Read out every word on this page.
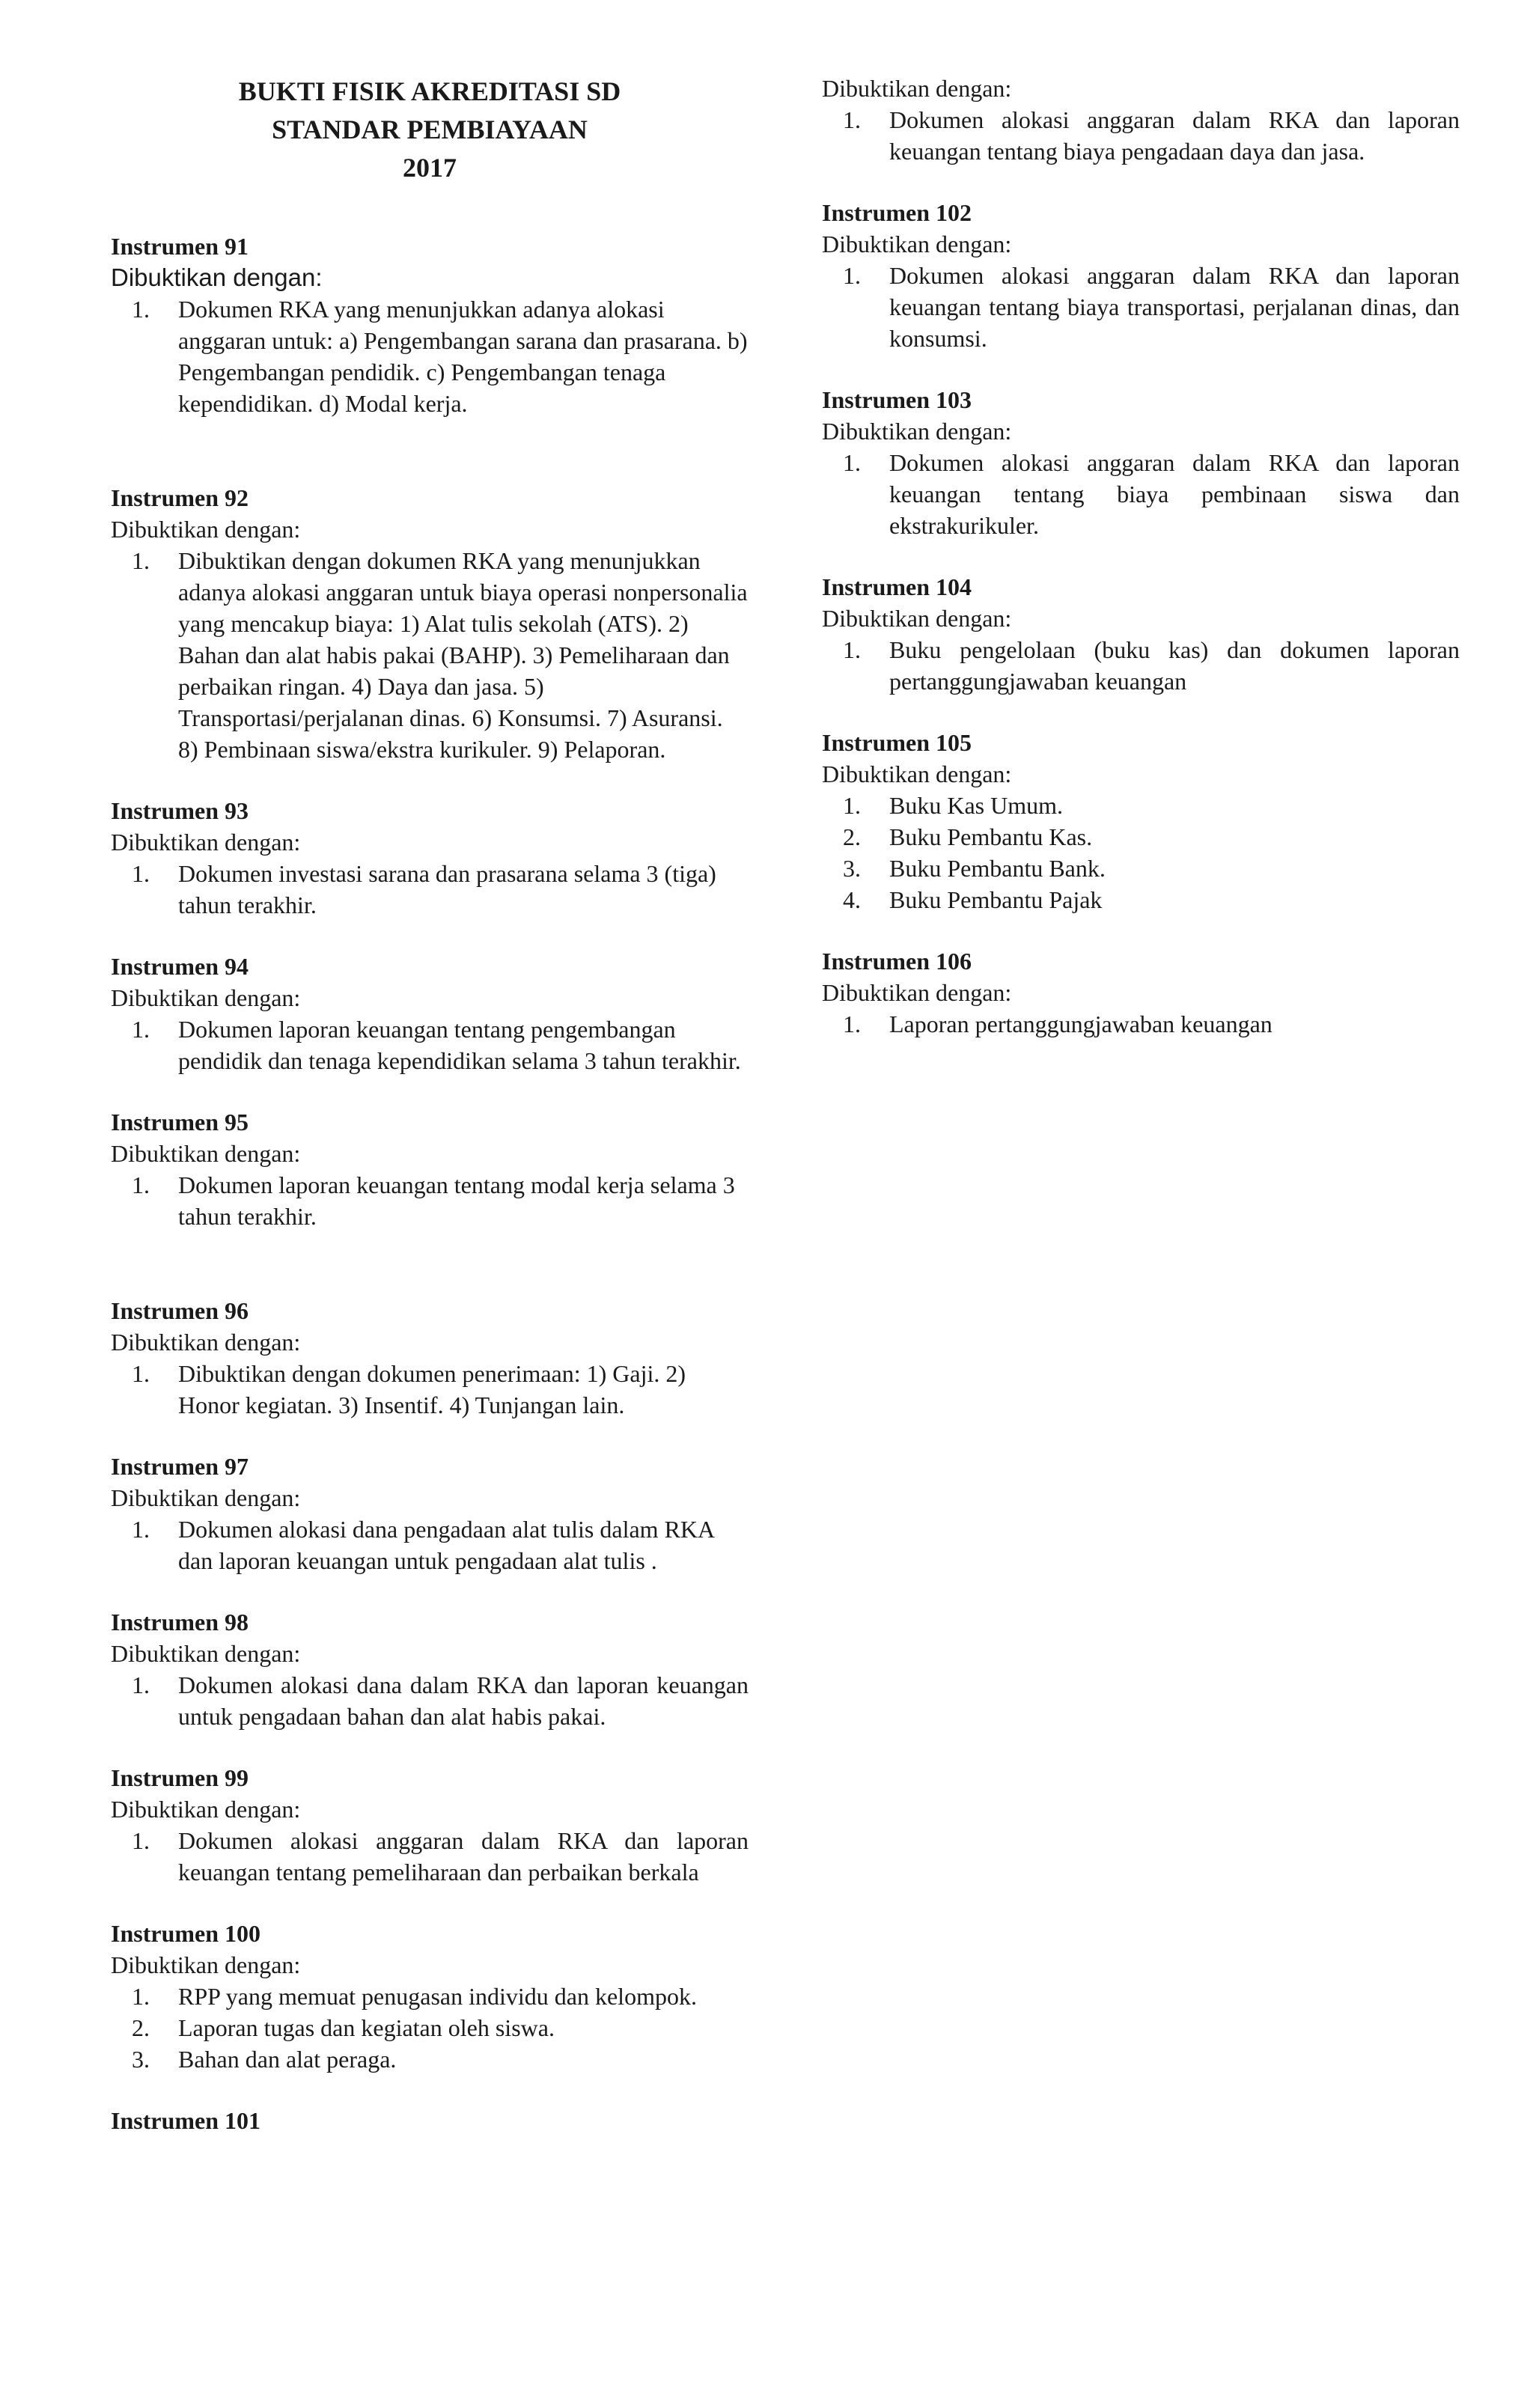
BUKTI FISIK AKREDITASI SD

STANDAR PEMBIAYAAN

2017

Instrumen 91

Dibuktikan dengan:

1. Dokumen RKA yang menunjukkan adanya alokasi anggaran untuk: a) Pengembangan sarana dan prasarana. b) Pengembangan pendidik. c) Pengembangan tenaga kependidikan. d) Modal kerja.

Instrumen 92

Dibuktikan dengan:

1. Dibuktikan dengan dokumen RKA yang menunjukkan adanya alokasi anggaran untuk biaya operasi nonpersonalia yang mencakup biaya: 1) Alat tulis sekolah (ATS). 2) Bahan dan alat habis pakai (BAHP). 3) Pemeliharaan dan perbaikan ringan. 4) Daya dan jasa. 5) Transportasi/perjalanan dinas. 6) Konsumsi. 7) Asuransi. 8) Pembinaan siswa/ekstra kurikuler. 9) Pelaporan.

Instrumen 93

Dibuktikan dengan:

1. Dokumen investasi sarana dan prasarana selama 3 (tiga) tahun terakhir.

Instrumen 94

Dibuktikan dengan:

1. Dokumen laporan keuangan tentang pengembangan pendidik dan tenaga kependidikan selama 3 tahun terakhir.

Instrumen 95

Dibuktikan dengan:

1. Dokumen laporan keuangan tentang modal kerja selama 3 tahun terakhir.

Instrumen 96

Dibuktikan dengan:

1. Dibuktikan dengan dokumen penerimaan: 1) Gaji. 2) Honor kegiatan. 3) Insentif. 4) Tunjangan lain.

Instrumen 97

Dibuktikan dengan:

1. Dokumen alokasi dana pengadaan alat tulis dalam RKA dan laporan keuangan untuk pengadaan alat tulis .

Instrumen 98

Dibuktikan dengan:

1. Dokumen alokasi dana dalam RKA dan laporan keuangan untuk pengadaan bahan dan alat habis pakai.

Instrumen 99

Dibuktikan dengan:

1. Dokumen alokasi anggaran dalam RKA dan laporan keuangan tentang pemeliharaan dan perbaikan berkala

Instrumen 100

Dibuktikan dengan:

1. RPP yang memuat penugasan individu dan kelompok.
2. Laporan tugas dan kegiatan oleh siswa.
3. Bahan dan alat peraga.

Instrumen 101

Dibuktikan dengan:

1. Dokumen alokasi anggaran dalam RKA dan laporan keuangan tentang biaya pengadaan daya dan jasa.

Instrumen 102

Dibuktikan dengan:

1. Dokumen alokasi anggaran dalam RKA dan laporan keuangan tentang biaya transportasi, perjalanan dinas, dan konsumsi.

Instrumen 103

Dibuktikan dengan:

1. Dokumen alokasi anggaran dalam RKA dan laporan keuangan tentang biaya pembinaan siswa dan ekstrakurikuler.

Instrumen 104

Dibuktikan dengan:

1. Buku pengelolaan (buku kas) dan dokumen laporan pertanggungjawaban keuangan

Instrumen 105

Dibuktikan dengan:

1. Buku Kas Umum.
2. Buku Pembantu Kas.
3. Buku Pembantu Bank.
4. Buku Pembantu Pajak

Instrumen 106

Dibuktikan dengan:

1. Laporan pertanggungjawaban keuangan
